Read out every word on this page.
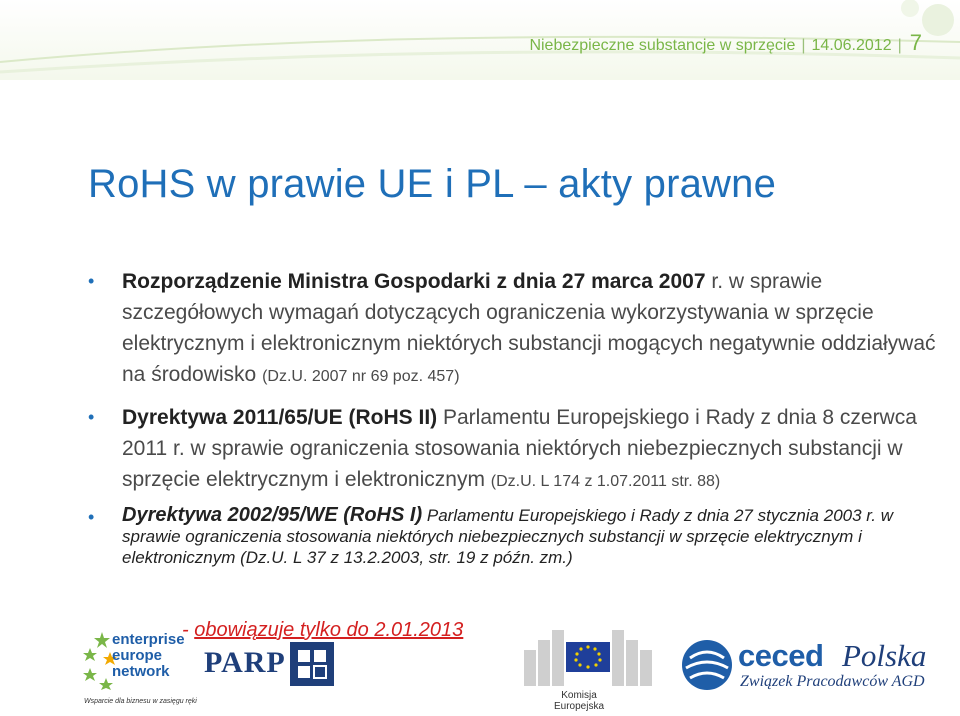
Niebezpieczne substancje w sprzęcie | 14.06.2012 | 7
RoHS w prawie UE i PL – akty prawne
• Rozporządzenie Ministra Gospodarki z dnia 27 marca 2007 r. w sprawie szczegółowych wymagań dotyczących ograniczenia wykorzystywania w sprzęcie elektrycznym i elektronicznym niektórych substancji mogących negatywnie oddziaływać na środowisko (Dz.U. 2007 nr 69 poz. 457)
• Dyrektywa 2011/65/UE (RoHS II) Parlamentu Europejskiego i Rady z dnia 8 czerwca 2011 r. w sprawie ograniczenia stosowania niektórych niebezpiecznych substancji w sprzęcie elektrycznym i elektronicznym (Dz.U. L 174 z 1.07.2011 str. 88)
• Dyrektywa 2002/95/WE (RoHS I) Parlamentu Europejskiego i Rady z dnia 27 stycznia 2003 r. w sprawie ograniczenia stosowania niektórych niebezpiecznych substancji w sprzęcie elektrycznym i elektronicznym (Dz.U. L 37 z 13.2.2003, str. 19 z późn. zm.)
- obowiązuje tylko do 2.01.2013
enterprise
europe
network
Wsparcie dla biznesu w zasięgu ręki
PARP
Komisja
Europejska
ceced Polska
Związek Pracodawców AGD
